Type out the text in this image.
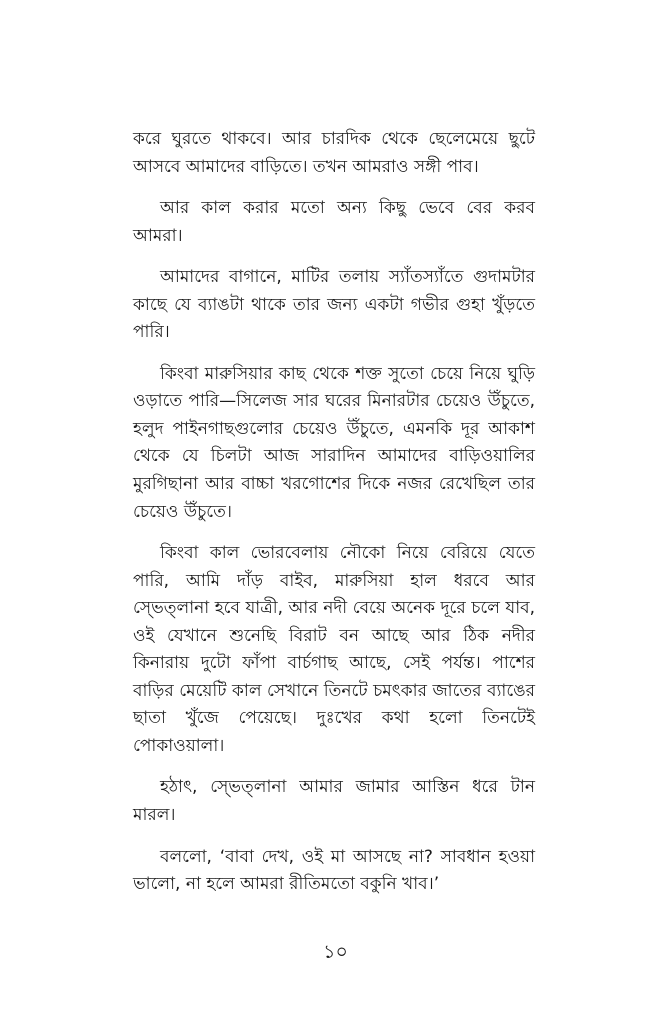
করে ঘুরতে থাকবে। আর চারদিক থেকে ছেলেমেয়ে ছুটে আসবে আমাদের বাড়িতে। তখন আমরাও সঙ্গী পাব।

আর কাল করার মতো অন্য কিছু ভেবে বের করব আমরা।

আমাদের বাগানে, মাটির তলায় স্যাঁতস্যাঁতে গুদামটার কাছে যে ব্যাঙটা থাকে তার জন্য একটা গভীর গুহা খুঁড়তে পারি।

কিংবা মারুসিয়ার কাছ থেকে শক্ত সুতো চেয়ে নিয়ে ঘুড়ি ওড়াতে পারি—সিলেজ সার ঘরের মিনারটার চেয়েও উঁচুতে, হলুদ পাইনগাছগুলোর চেয়েও উঁচুতে, এমনকি দূর আকাশ থেকে যে চিলটা আজ সারাদিন আমাদের বাড়িওয়ালির মুরগিছানা আর বাচ্চা খরগোশের দিকে নজর রেখেছিল তার চেয়েও উঁচুতে।

কিংবা কাল ভোরবেলায় নৌকো নিয়ে বেরিয়ে যেতে পারি, আমি দাঁড় বাইব, মারুসিয়া হাল ধরবে আর স্ভেত্লানা হবে যাত্রী, আর নদী বেয়ে অনেক দূরে চলে যাব, ওই যেখানে শুনেছি বিরাট বন আছে আর ঠিক নদীর কিনারায় দুটো ফাঁপা বার্চগাছ আছে, সেই পর্যন্ত। পাশের বাড়ির মেয়েটি কাল সেখানে তিনটে চমৎকার জাতের ব্যাঙের ছাতা খুঁজে পেয়েছে। দুঃখের কথা হলো তিনটেই পোকাওয়ালা।

হঠাৎ, স্ভেত্লানা আমার জামার আস্তিন ধরে টান মারল।

বললো, ‘বাবা দেখ, ওই মা আসছে না? সাবধান হওয়া ভালো, না হলে আমরা রীতিমতো বকুনি খাব।’

১০
